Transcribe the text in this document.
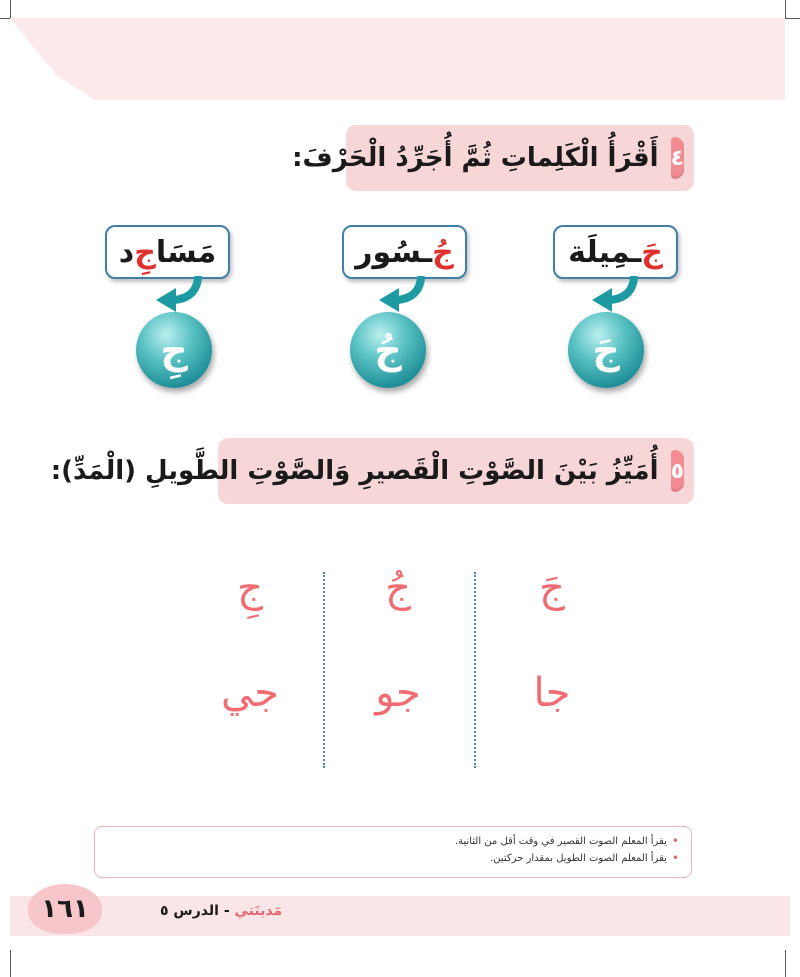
٤
أَقْرَأُ الْكَلِماتِ ثُمَّ أُجَرِّدُ الْحَرْفَ:
جَ
ـمِيلَة
جُ
ـسُور
مَسَا
جِ
د
جَ
جُ
جِ
٥
أُمَيِّزُ بَيْنَ الصَّوْتِ الْقَصيرِ وَالصَّوْتِ الطَّويلِ (الْمَدِّ):
جَ
جُ
جِ
جا
جو
جي
•
يقرأ المعلم الصوت القصير في وقت أقل من الثانية.
•
يقرأ المعلم الصوت الطويل بمقدار حركتين.
١٦١	مَدينَتي - الدرس ٥
